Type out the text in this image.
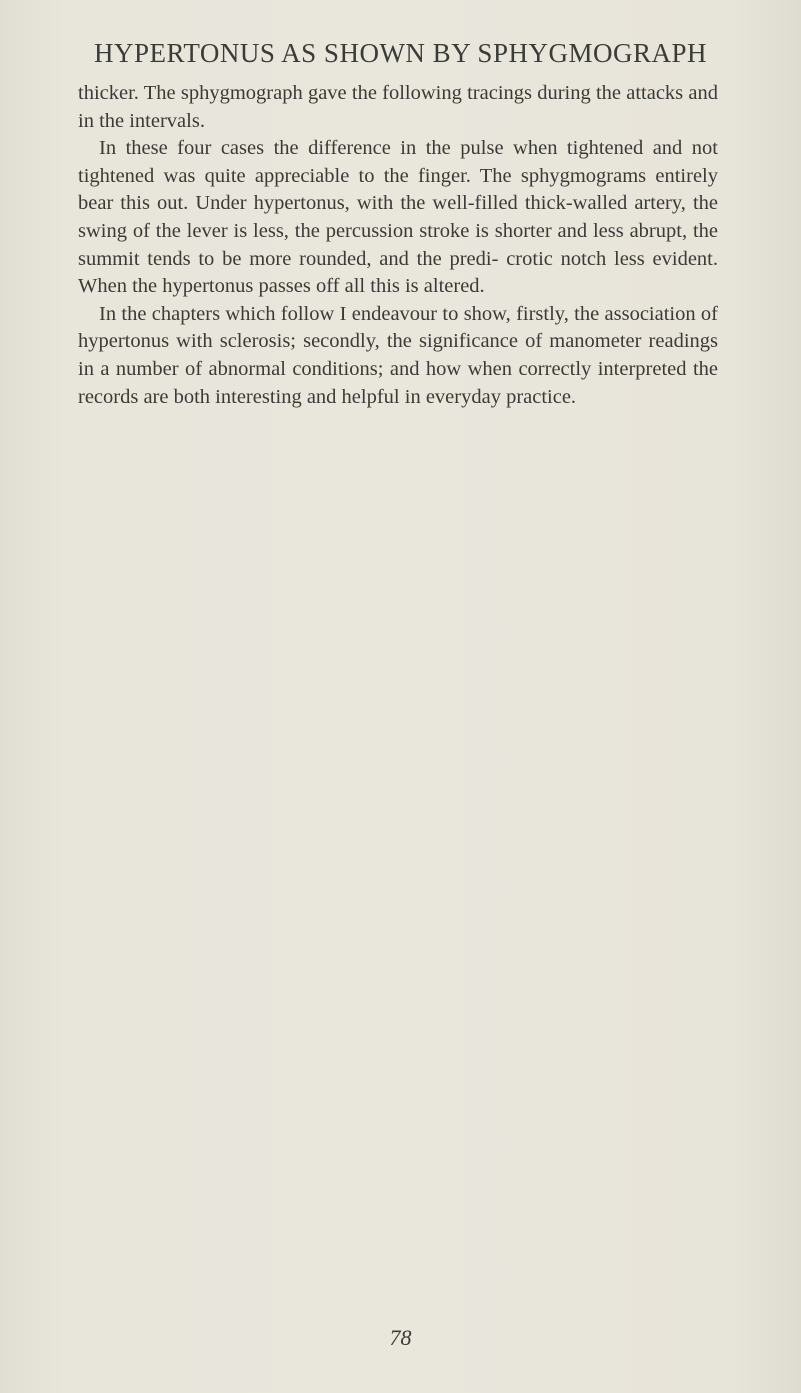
HYPERTONUS AS SHOWN BY SPHYGMOGRAPH

thicker. The sphygmograph gave the following tracings during the attacks and in the intervals.

In these four cases the difference in the pulse when tightened and not tightened was quite appreciable to the finger. The sphygmograms entirely bear this out. Under hypertonus, with the well-filled thick-walled artery, the swing of the lever is less, the percussion stroke is shorter and less abrupt, the summit tends to be more rounded, and the predi- crotic notch less evident. When the hypertonus passes off all this is altered.

In the chapters which follow I endeavour to show, firstly, the association of hypertonus with sclerosis; secondly, the significance of manometer readings in a number of abnormal conditions; and how when correctly interpreted the records are both interesting and helpful in everyday practice.

78
